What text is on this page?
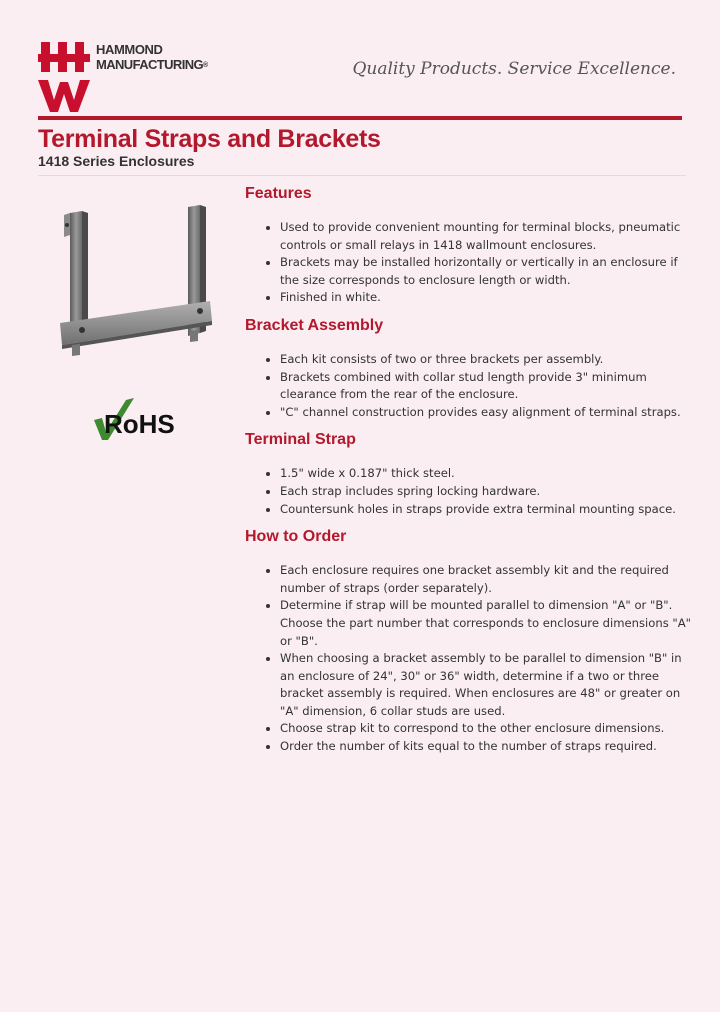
HAMMOND
MANUFACTURING®	Quality Products. Service Excellence.
Terminal Straps and Brackets
1418 Series Enclosures
RoHS
Features
• Used to provide convenient mounting for terminal blocks, pneumatic controls or small relays in 1418 wallmount enclosures.
• Brackets may be installed horizontally or vertically in an enclosure if the size corresponds to enclosure length or width.
• Finished in white.
Bracket Assembly
• Each kit consists of two or three brackets per assembly.
• Brackets combined with collar stud length provide 3" minimum clearance from the rear of the enclosure.
• "C" channel construction provides easy alignment of terminal straps.
Terminal Strap
• 1.5" wide x 0.187" thick steel.
• Each strap includes spring locking hardware.
• Countersunk holes in straps provide extra terminal mounting space.
How to Order
• Each enclosure requires one bracket assembly kit and the required number of straps (order separately).
• Determine if strap will be mounted parallel to dimension "A" or "B". Choose the part number that corresponds to enclosure dimensions "A" or "B".
• When choosing a bracket assembly to be parallel to dimension "B" in an enclosure of 24", 30" or 36" width, determine if a two or three bracket assembly is required. When enclosures are 48" or greater on "A" dimension, 6 collar studs are used.
• Choose strap kit to correspond to the other enclosure dimensions.
• Order the number of kits equal to the number of straps required.
